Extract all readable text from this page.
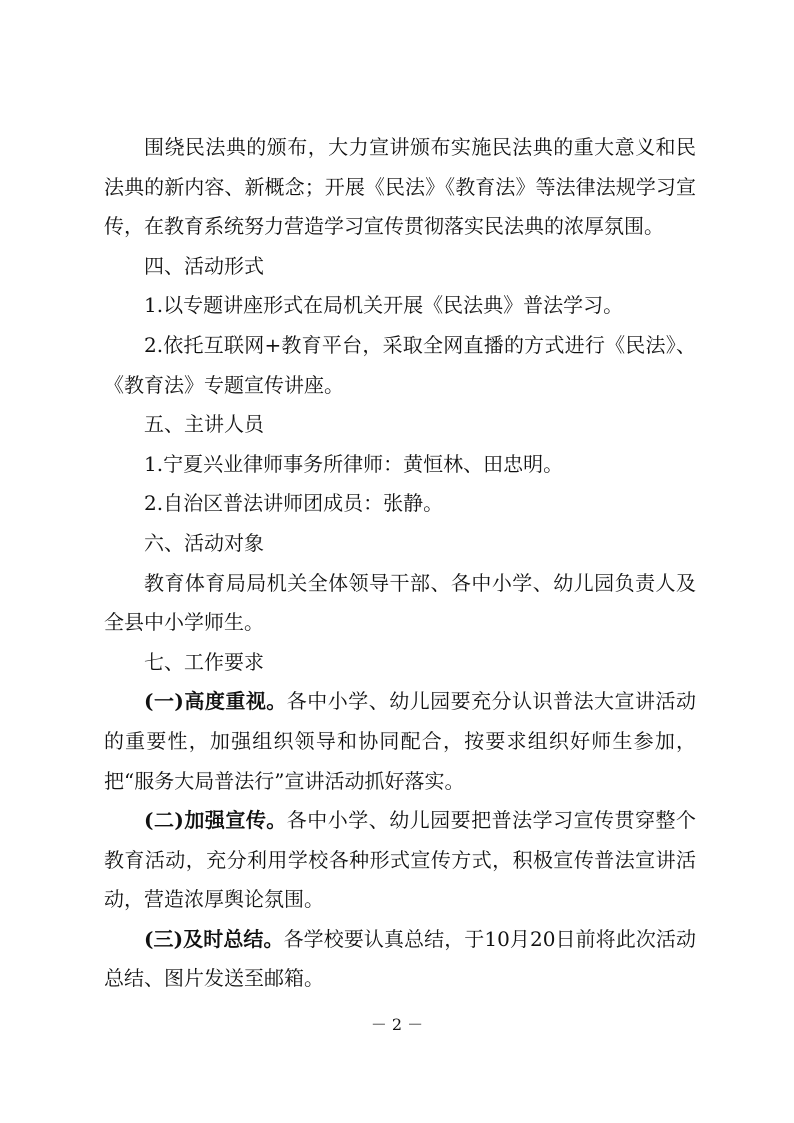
围绕民法典的颁布，大力宣讲颁布实施民法典的重大意义和民法典的新内容、新概念；开展《民法》《教育法》等法律法规学习宣传，在教育系统努力营造学习宣传贯彻落实民法典的浓厚氛围。

四、活动形式

1.以专题讲座形式在局机关开展《民法典》普法学习。

2.依托互联网+教育平台，采取全网直播的方式进行《民法》、《教育法》专题宣传讲座。

五、主讲人员

1.宁夏兴业律师事务所律师：黄恒林、田忠明。

2.自治区普法讲师团成员：张静。

六、活动对象

教育体育局局机关全体领导干部、各中小学、幼儿园负责人及全县中小学师生。

七、工作要求

(一)高度重视。各中小学、幼儿园要充分认识普法大宣讲活动的重要性，加强组织领导和协同配合，按要求组织好师生参加，把“服务大局普法行”宣讲活动抓好落实。

(二)加强宣传。各中小学、幼儿园要把普法学习宣传贯穿整个教育活动，充分利用学校各种形式宣传方式，积极宣传普法宣讲活动，营造浓厚舆论氛围。

(三)及时总结。各学校要认真总结，于10月20日前将此次活动总结、图片发送至邮箱。

－ 2 －
